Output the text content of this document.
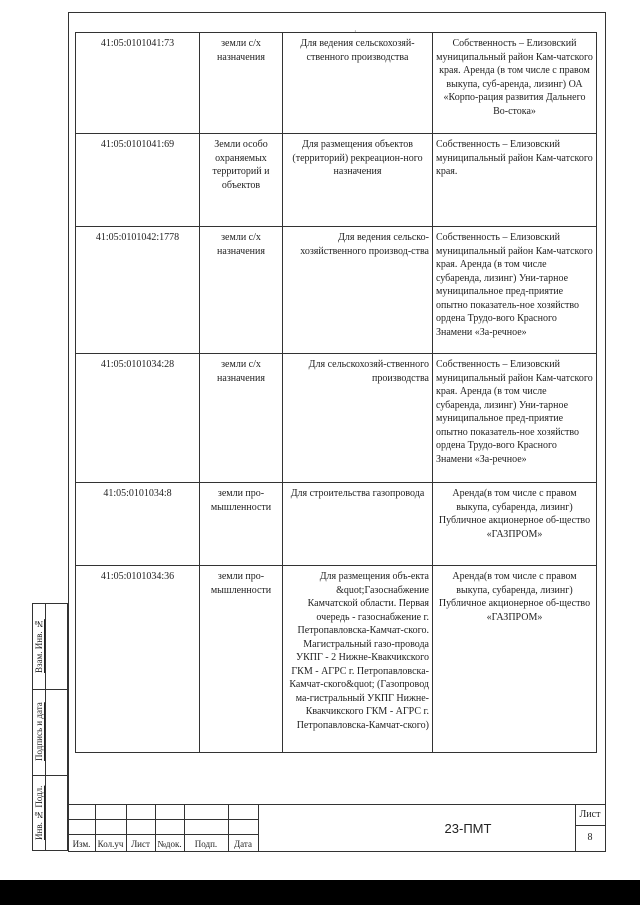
·
41:05:0101041:73	земли с/х назначения	Для ведения сельскохозяй-ственного производства	Собственность – Елизовский муниципальный район Кам-чатского края. Аренда (в том числе с правом выкупа, суб-аренда, лизинг) ОА «Корпо-рация развития Дальнего Во-стока»
41:05:0101041:69	Земли особо охраняемых территорий и объектов	Для размещения объектов (территорий) рекреацион-ного назначения	Собственность – Елизовский муниципальный район Кам-чатского края.
41:05:0101042:1778	земли с/х назначения	Для ведения сельско-хозяйственного производ-ства	Собственность – Елизовский муниципальный район Кам-чатского края. Аренда (в том числе субаренда, лизинг) Уни-тарное муниципальное пред-приятие опытно показатель-ное хозяйство ордена Трудо-вого Красного Знамени «За-речное»
41:05:0101034:28	земли с/х назначения	Для сельскохозяй-ственного производства	Собственность – Елизовский муниципальный район Кам-чатского края. Аренда (в том числе субаренда, лизинг) Уни-тарное муниципальное пред-приятие опытно показатель-ное хозяйство ордена Трудо-вого Красного Знамени «За-речное»
41:05:0101034:8	земли про-мышленности	Для строительства газопровода	Аренда(в том числе с правом выкупа, субаренда, лизинг) Публичное акционерное об-щество «ГАЗПРОМ»
41:05:0101034:36	земли про-мышленности	Для размещения объ-екта &quot;Газоснабжение Камчатской области. Первая очередь - газоснабжение г. Петропавловска-Камчат-ского. Магистральный газо-провода УКПГ - 2 Нижне-Квакчикского ГКМ - АГРС г. Петропавловска-Камчат-ского&quot; (Газопровод ма-гистральный УКПГ Нижне-Квакчикского ГКМ - АГРС г. Петропавловска-Камчат-ского)	Аренда(в том числе с правом выкупа, субаренда, лизинг) Публичное акционерное об-щество «ГАЗПРОМ»
Взам. Инв. №
Подпись и дата
Инв. № Подл.
Изм. Кол.уч Лист №док.	Подп.	Дата
23-ПМТ
Лист
8
